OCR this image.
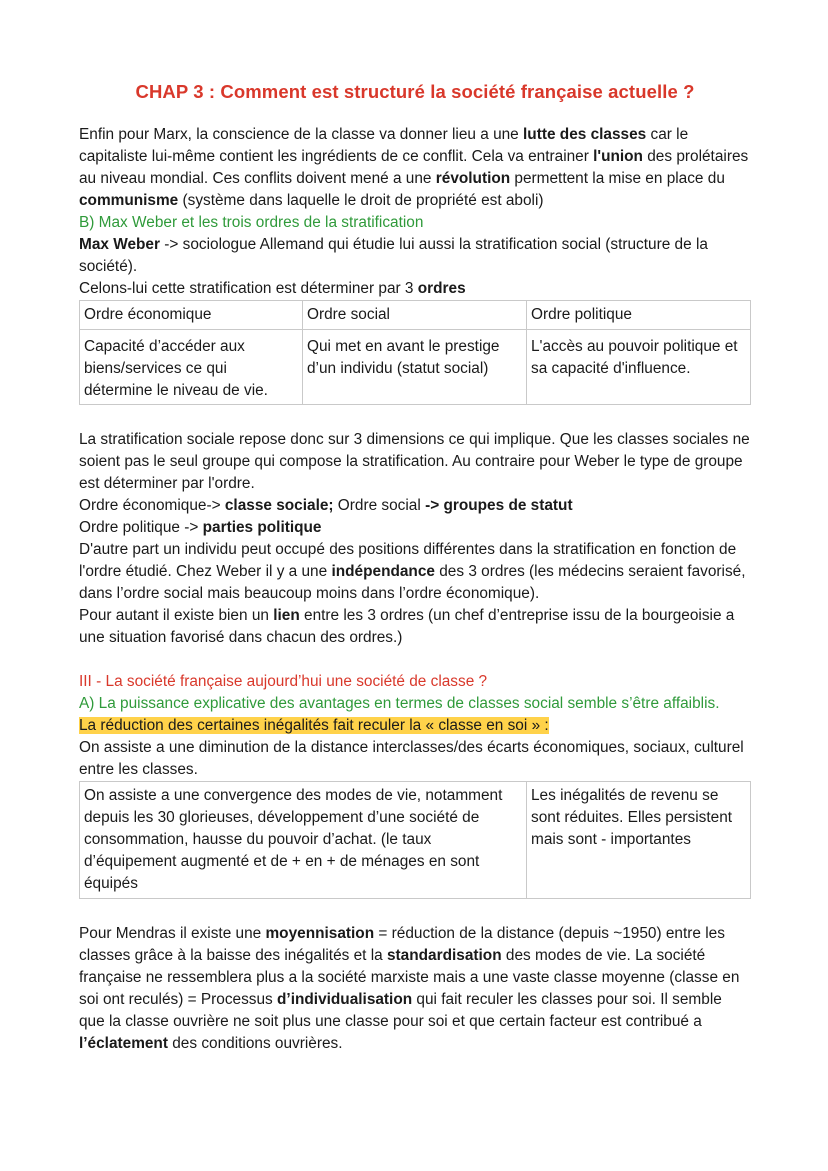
CHAP 3 : Comment est structuré la société française actuelle ?

Enfin pour Marx, la conscience de la classe va donner lieu a une lutte des classes car le capitaliste lui-même contient les ingrédients de ce conflit. Cela va entrainer l'union des prolétaires au niveau mondial. Ces conflits doivent mené a une révolution permettent la mise en place du communisme (système dans laquelle le droit de propriété est aboli)

B) Max Weber et les trois ordres de la stratification

Max Weber -> sociologue Allemand qui étudie lui aussi la stratification social (structure de la société).

Celons-lui cette stratification est déterminer par 3 ordres

Ordre économique	Ordre social	Ordre politique
Capacité d’accéder aux biens/services ce qui détermine le niveau de vie.	Qui met en avant le prestige d’un individu (statut social)	L'accès au pouvoir politique et sa capacité d'influence.

La stratification sociale repose donc sur 3 dimensions ce qui implique. Que les classes sociales ne soient pas le seul groupe qui compose la stratification. Au contraire pour Weber le type de groupe est déterminer par l'ordre.

Ordre économique-> classe sociale; Ordre social -> groupes de statut

Ordre politique -> parties politique

D'autre part un individu peut occupé des positions différentes dans la stratification en fonction de l'ordre étudié. Chez Weber il y a une indépendance des 3 ordres (les médecins seraient favorisé, dans l’ordre social mais beaucoup moins dans l’ordre économique).

Pour autant il existe bien un lien entre les 3 ordres (un chef d’entreprise issu de la bourgeoisie a une situation favorisé dans chacun des ordres.)

III - La société française aujourd’hui une société de classe ?

A) La puissance explicative des avantages en termes de classes social semble s’être affaiblis.

La réduction des certaines inégalités fait reculer la « classe en soi » :

On assiste a une diminution de la distance interclasses/des écarts économiques, sociaux, culturel entre les classes.

On assiste a une convergence des modes de vie, notamment depuis les 30 glorieuses, développement d’une société de consommation, hausse du pouvoir d’achat. (le taux d’équipement augmenté et de + en + de ménages en sont équipés	Les inégalités de revenu se sont réduites. Elles persistent mais sont - importantes

Pour Mendras il existe une moyennisation = réduction de la distance (depuis ~1950) entre les classes grâce à la baisse des inégalités et la standardisation des modes de vie. La société française ne ressemblera plus a la société marxiste mais a une vaste classe moyenne (classe en soi ont reculés) = Processus d’individualisation qui fait reculer les classes pour soi. Il semble que la classe ouvrière ne soit plus une classe pour soi et que certain facteur est contribué a l’éclatement des conditions ouvrières.
